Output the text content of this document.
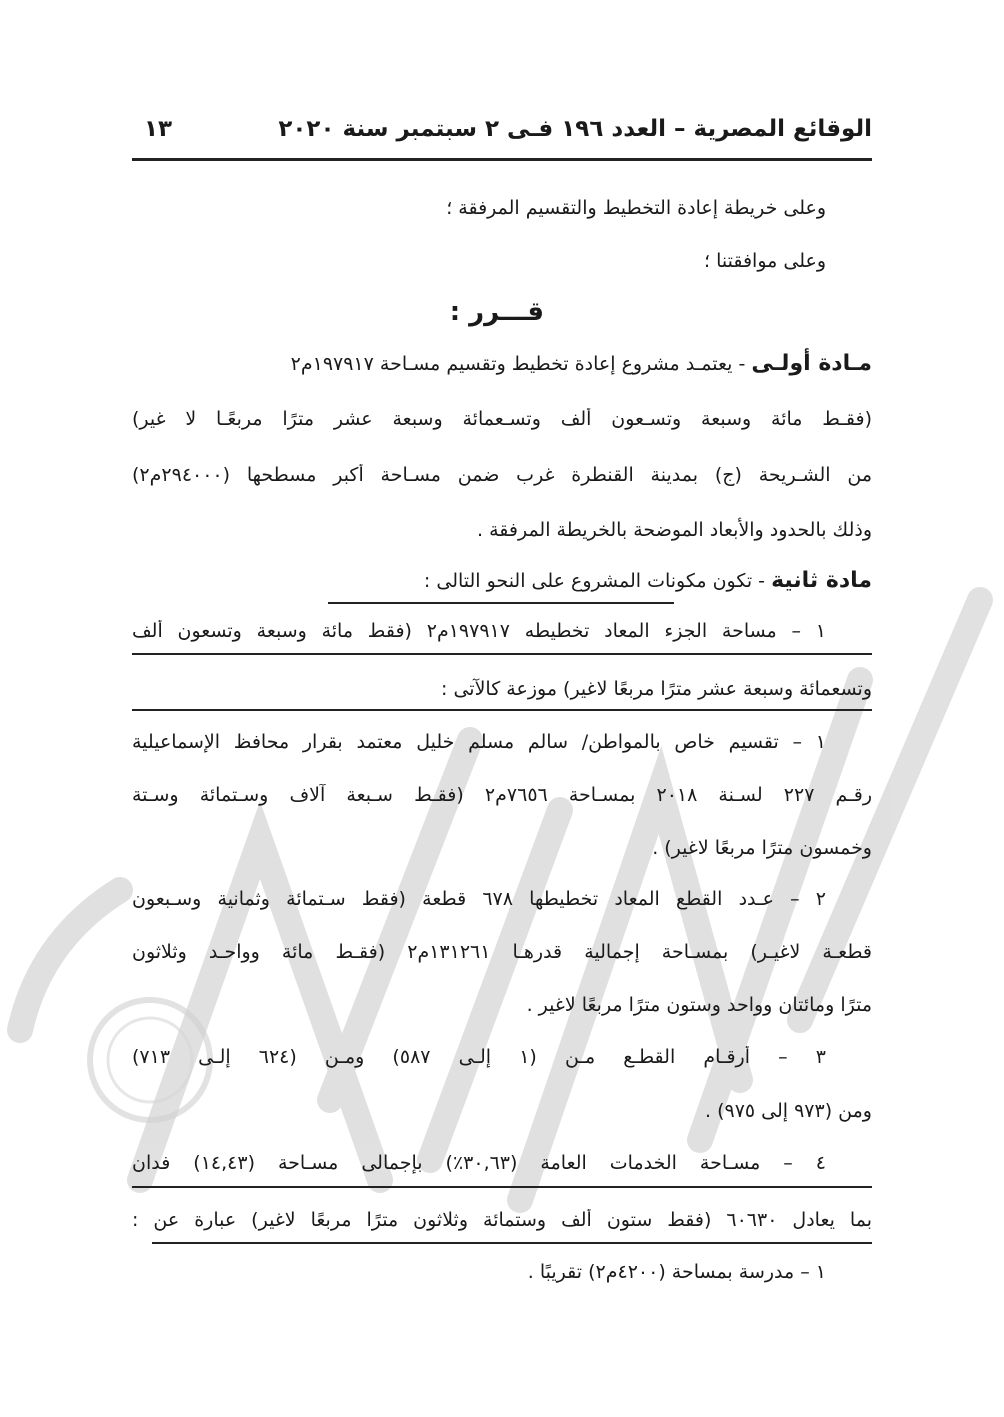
الوقائع المصرية – العدد ١٩٦ فـى ٢ سبتمبر سنة ٢٠٢٠
١٣
وعلى خريطة إعادة التخطيط والتقسيم المرفقة ؛
وعلى موافقتنا ؛
قـــرر :
مـادة أولـى - يعتمـد مشروع إعادة تخطيط وتقسيم مسـاحة ١٩٧٩١٧م٢
(فقـط مائة وسبعة وتسـعون ألف وتسـعمائة وسبعة عشر مترًا مربعًـا لا غير)
من الشـريحة (ج) بمدينة القنطرة غرب ضمن مسـاحة أكبر مسطحها (٢٩٤٠٠٠م٢)
وذلك بالحدود والأبعاد الموضحة بالخريطة المرفقة .
مادة ثانية - تكون مكونات المشروع على النحو التالى :
١ – مساحة الجزء المعاد تخطيطه ١٩٧٩١٧م٢ (فقط مائة وسبعة وتسعون ألف
وتسعمائة وسبعة عشر مترًا مربعًا لاغير) موزعة كالآتى :
١ – تقسيم خاص بالمواطن/ سالم مسلم خليل معتمد بقرار محافظ الإسماعيلية
رقـم ٢٢٧ لسـنة ٢٠١٨ بمسـاحة ٧٦٥٦م٢ (فقـط سـبعة آلاف وسـتمائة وسـتة
وخمسون مترًا مربعًا لاغير) .
٢ – عـدد القطع المعاد تخطيطها ٦٧٨ قطعة (فقط سـتمائة وثمانية وسـبعون
قطعـة لاغيـر) بمسـاحة إجمالية قدرهـا ١٣١٢٦١م٢ (فقـط مائة وواحـد وثلاثون
مترًا ومائتان وواحد وستون مترًا مربعًا لاغير .
٣ – أرقـام القطـع مـن (١ إلـى ٥٨٧) ومـن (٦٢٤ إلـى ٧١٣)
ومن (٩٧٣ إلى ٩٧٥) .
٤ – مسـاحة الخدمات العامة (٣٠,٦٣٪) بإجمالى مسـاحة (١٤,٤٣) فدان
بما يعادل ٦٠٦٣٠ (فقط ستون ألف وستمائة وثلاثون مترًا مربعًا لاغير) عبارة عن :
١ – مدرسة بمساحة (٤٢٠٠م٢) تقريبًا .
